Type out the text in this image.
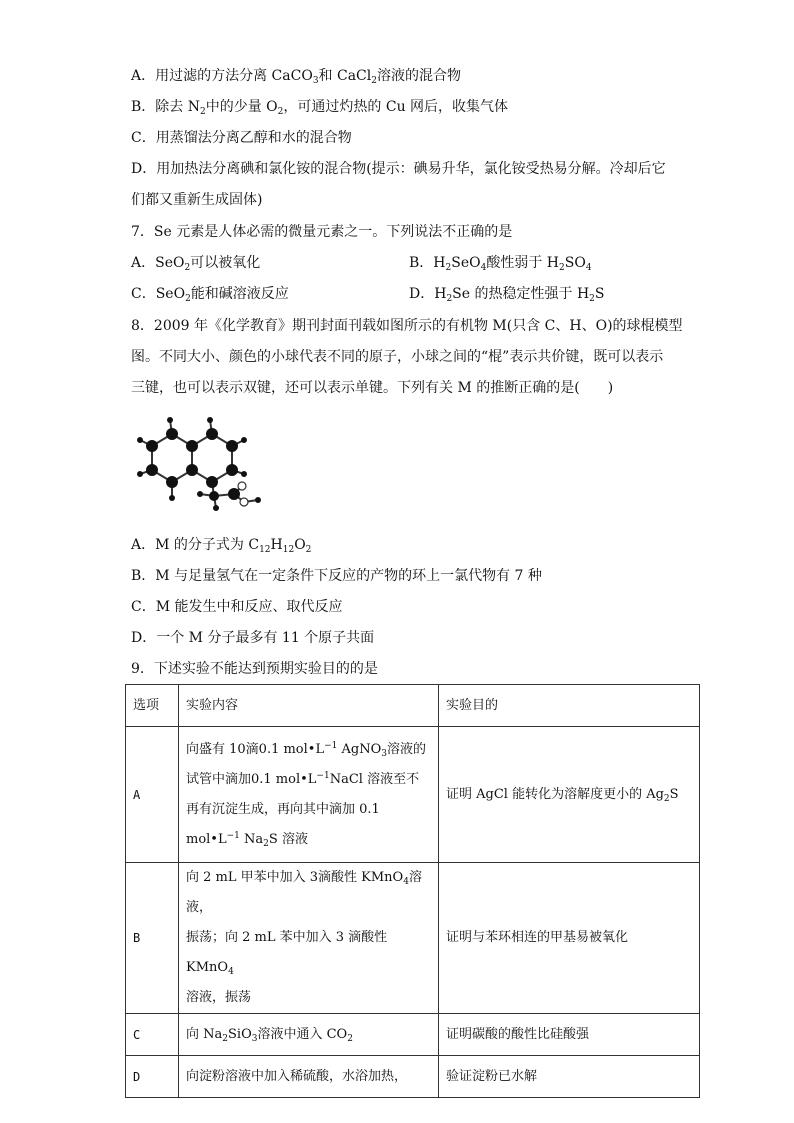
A．用过滤的方法分离 CaCO$_3$和 CaCl$_2$溶液的混合物
B．除去 $N_2$中的少量 $O_2$，可通过灼热的 Cu 网后，收集气体
C．用蒸馏法分离乙醇和水的混合物
D．用加热法分离碘和氯化铵的混合物(提示：碘易升华，氯化铵受热易分解。冷却后它
们都又重新生成固体)
7．Se 元素是人体必需的微量元素之一。下列说法不正确的是
A．SeO$_2$可以被氧化	B．$H_2SeO_4$酸性弱于 $H_2SO_4$
C．SeO$_2$能和碱溶液反应	D．$H_2Se$ 的热稳定性强于 $H_2S$
8．2009 年《化学教育》期刊封面刊载如图所示的有机物 M(只含 C、H、O)的球棍模型
图。不同大小、颜色的小球代表不同的原子，小球之间的“棍”表示共价键，既可以表示
三键，也可以表示双键，还可以表示单键。下列有关 M 的推断正确的是(　　)
A．M 的分子式为 $C_{12}H_{12}O_2$
B．M 与足量氢气在一定条件下反应的产物的环上一氯代物有 7 种
C．M 能发生中和反应、取代反应
D．一个 M 分子最多有 11 个原子共面
9．下述实验不能达到预期实验目的的是
选项	实验内容	实验目的
A	向盛有 10滴0.1 $mol•L^{-1}$ AgNO$_3$溶液的
试管中滴加0.1 $mol•L^{-1}NaCl$ 溶液至不
再有沉淀生成，再向其中滴加 0.1
$mol•L^{-1}$ $Na_2S$ 溶液	证明 AgCl 能转化为溶解度更小的 $Ag_2S$
B	向 2 mL 甲苯中加入 3滴酸性 KMnO$_4$溶液，
振荡；向 2 mL 苯中加入 3 滴酸性 KMnO$_4$
溶液，振荡	证明与苯环相连的甲基易被氧化
C	向 $Na_2SiO_3$溶液中通入 $CO_2$	证明碳酸的酸性比硅酸强
D	向淀粉溶液中加入稀硫酸，水浴加热，	验证淀粉已水解
